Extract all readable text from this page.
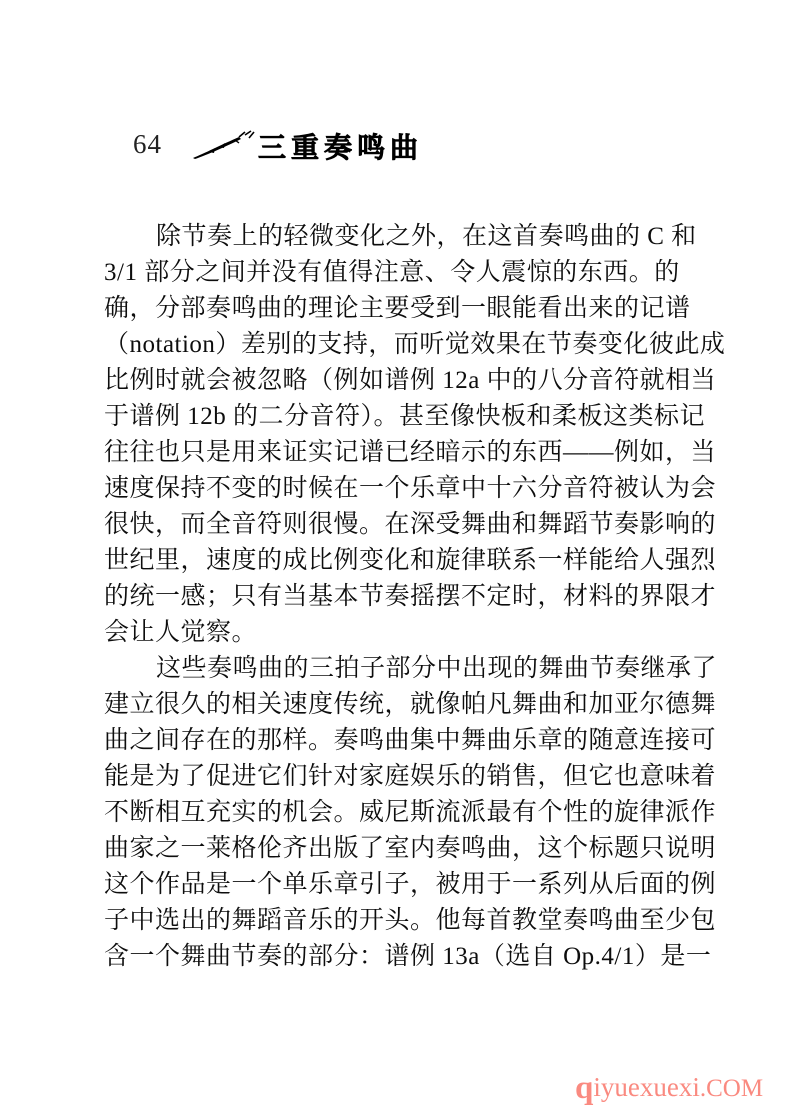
64	三重奏鸣曲
除节奏上的轻微变化之外，在这首奏鸣曲的 C 和
3/1 部分之间并没有值得注意、令人震惊的东西。的
确，分部奏鸣曲的理论主要受到一眼能看出来的记谱
（notation）差别的支持，而听觉效果在节奏变化彼此成
比例时就会被忽略（例如谱例 12a 中的八分音符就相当
于谱例 12b 的二分音符）。甚至像快板和柔板这类标记
往往也只是用来证实记谱已经暗示的东西——例如，当
速度保持不变的时候在一个乐章中十六分音符被认为会
很快，而全音符则很慢。在深受舞曲和舞蹈节奏影响的
世纪里，速度的成比例变化和旋律联系一样能给人强烈
的统一感；只有当基本节奏摇摆不定时，材料的界限才
会让人觉察。
这些奏鸣曲的三拍子部分中出现的舞曲节奏继承了
建立很久的相关速度传统，就像帕凡舞曲和加亚尔德舞
曲之间存在的那样。奏鸣曲集中舞曲乐章的随意连接可
能是为了促进它们针对家庭娱乐的销售，但它也意味着
不断相互充实的机会。威尼斯流派最有个性的旋律派作
曲家之一莱格伦齐出版了室内奏鸣曲，这个标题只说明
这个作品是一个单乐章引子，被用于一系列从后面的例
子中选出的舞蹈音乐的开头。他每首教堂奏鸣曲至少包
含一个舞曲节奏的部分：谱例 13a（选自 Op.4/1）是一
qiyuexuexi.COM
